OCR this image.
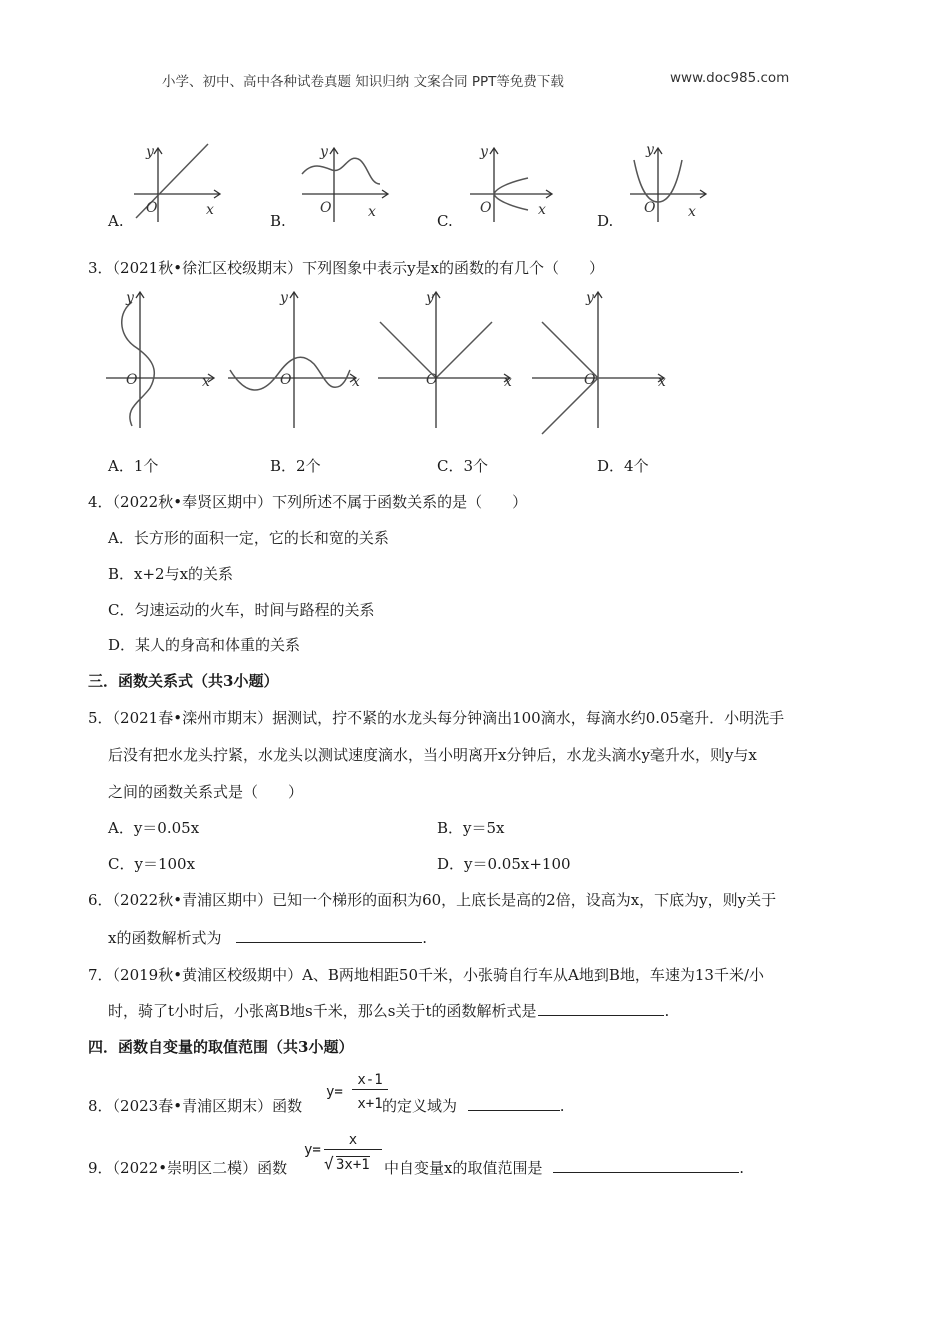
小学、初中、高中各种试卷真题 知识归纳 文案合同 PPT等免费下载	www.doc985.com
y
x
O
y
x
O
y
x
O
y
x
O
A.	B.	C.	D.
3．（2021秋•徐汇区校级期末）下列图象中表示y是x的函数的有几个（　　）
y
x
O
y
x
O
y
x
O
y
x
O
A．1个	B．2个	C．3个	D．4个
4．（2022秋•奉贤区期中）下列所述不属于函数关系的是（　　）
A．长方形的面积一定，它的长和宽的关系
B．x+2与x的关系
C．匀速运动的火车，时间与路程的关系
D．某人的身高和体重的关系
三．函数关系式（共3小题）
5．（2021春•滦州市期末）据测试，拧不紧的水龙头每分钟滴出100滴水，每滴水约0.05毫升．小明洗手
后没有把水龙头拧紧，水龙头以测试速度滴水，当小明离开x分钟后，水龙头滴水y毫升水，则y与x
之间的函数关系式是（　　）
A．y＝0.05x	B．y＝5x
C．y＝100x	D．y＝0.05x+100
6．（2022秋•青浦区期中）已知一个梯形的面积为60，上底长是高的2倍，设高为x，下底为y，则y关于
x的函数解析式为	.
7．（2019秋•黄浦区校级期中）A、B两地相距50千米，小张骑自行车从A地到B地，车速为13千米/小
时，骑了t小时后，小张离B地s千米，那么s关于t的函数解析式是	.
四．函数自变量的取值范围（共3小题）
8．（2023春•青浦区期末）函数
y=
x-1
x+1 的定义域为	.
9．（2022•崇明区二模）函数
y=
x
√ 3x+1 中自变量x的取值范围是	.
